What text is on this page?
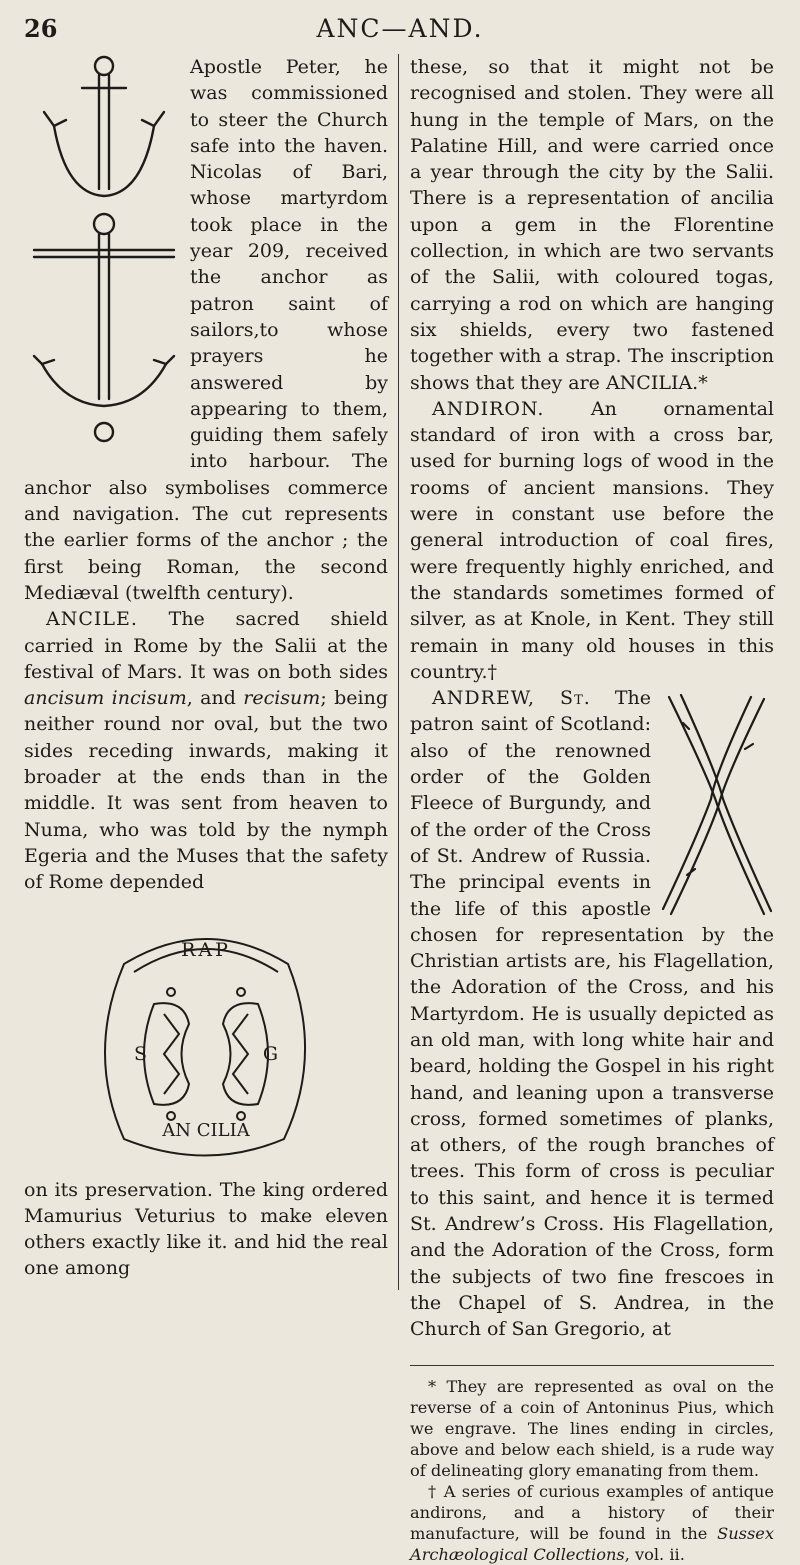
26	ANC—AND.

Apostle Peter, he was commissioned to steer the Church safe into the haven. Nicolas of Bari, whose martyrdom took place in the year 209, received the anchor as patron saint of sailors,to whose prayers he answered by appearing to them, guiding them safely into harbour. The anchor also symbolises commerce and navigation. The cut represents the earlier forms of the anchor ; the first being Roman, the second Mediæval (twelfth century).

ANCILE. The sacred shield carried in Rome by the Salii at the festival of Mars. It was on both sides ancisum incisum, and recisum; being neither round nor oval, but the two sides receding inwards, making it broader at the ends than in the middle. It was sent from heaven to Numa, who was told by the nymph Egeria and the Muses that the safety of Rome depended

RAP
S	G
AN CILIA

on its preservation. The king ordered Mamurius Veturius to make eleven others exactly like it. and hid the real one among

these, so that it might not be recognised and stolen. They were all hung in the temple of Mars, on the Palatine Hill, and were carried once a year through the city by the Salii. There is a representation of ancilia upon a gem in the Florentine collection, in which are two servants of the Salii, with coloured togas, carrying a rod on which are hanging six shields, every two fastened together with a strap. The inscription shows that they are ANCILIA.*

ANDIRON. An ornamental standard of iron with a cross bar, used for burning logs of wood in the rooms of ancient mansions. They were in constant use before the general introduction of coal fires, were frequently highly enriched, and the standards sometimes formed of silver, as at Knole, in Kent. They still remain in many old houses in this country.†

ANDREW, St. The patron saint of Scotland: also of the renowned order of the Golden Fleece of Burgundy, and of the order of the Cross of St. Andrew of Russia. The principal events in the life of this apostle chosen for representation by the Christian artists are, his Flagellation, the Adoration of the Cross, and his Martyrdom. He is usually depicted as an old man, with long white hair and beard, holding the Gospel in his right hand, and leaning upon a transverse cross, formed sometimes of planks, at others, of the rough branches of trees. This form of cross is peculiar to this saint, and hence it is termed St. Andrew’s Cross. His Flagellation, and the Adoration of the Cross, form the subjects of two fine frescoes in the Chapel of S. Andrea, in the Church of San Gregorio, at

* They are represented as oval on the reverse of a coin of Antoninus Pius, which we engrave. The lines ending in circles, above and below each shield, is a rude way of delineating glory emanating from them.

† A series of curious examples of antique andirons, and a history of their manufacture, will be found in the Sussex Archæological Collections, vol. ii.
